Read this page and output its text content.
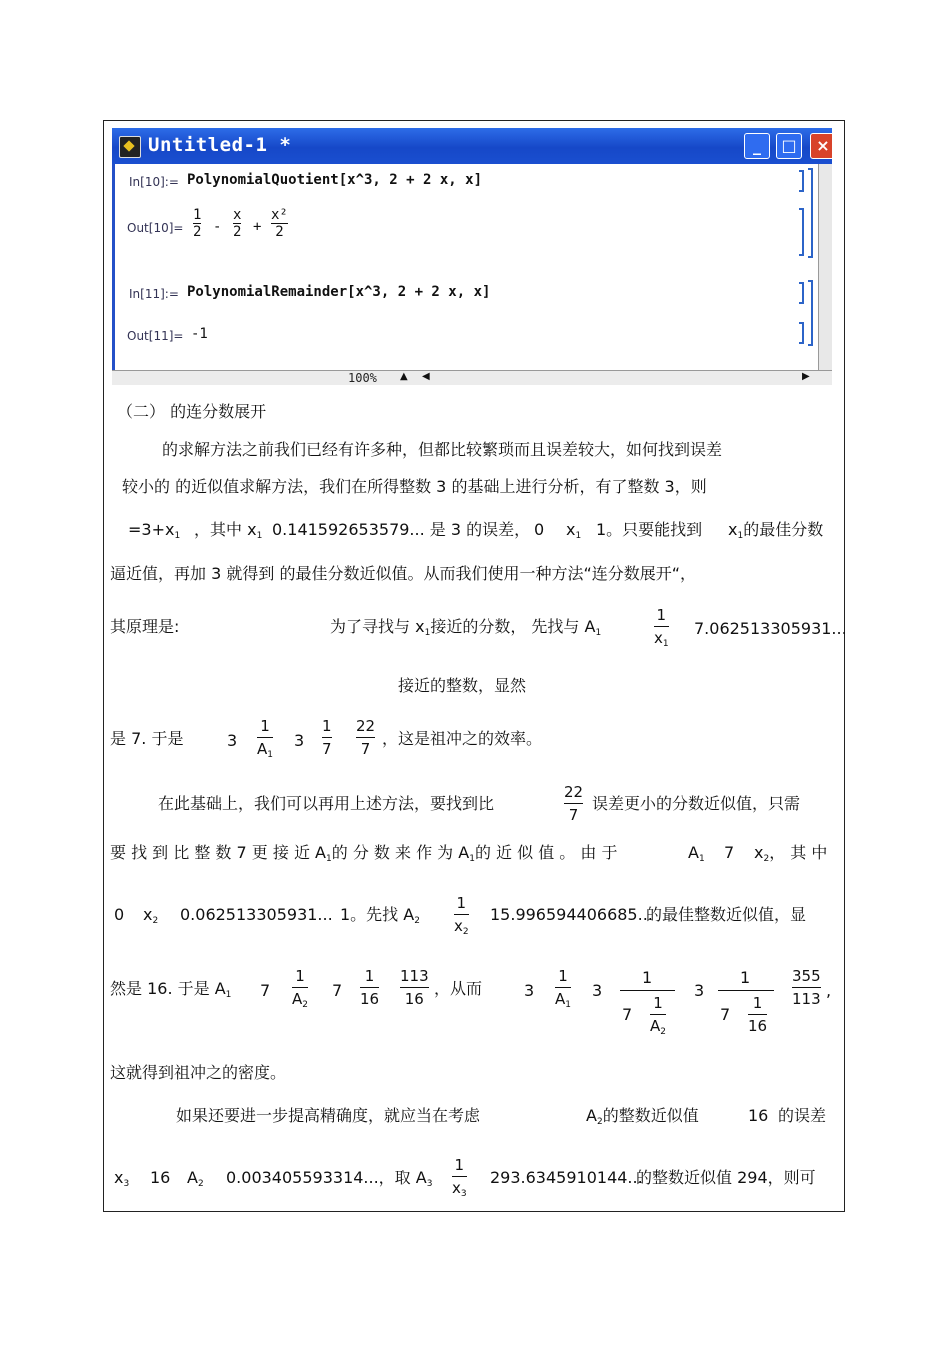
Untitled-1 *	_	□	×
In[10]:= PolynomialQuotient[x^3, 2 + 2 x, x]
Out[10]=
1
2 -
x
2 +
x²
2
In[11]:= PolynomialRemainder[x^3, 2 + 2 x, x]
Out[11]= -1
100% ▲ ◀	▶
（二） 的连分数展开
的求解方法之前我们已经有许多种，但都比较繁琐而且误差较大，如何找到误差
较小的 的近似值求解方法，我们在所得整数 3 的基础上进行分析，有了整数 3，则
$=3+x_1$ ，其中 $x_1$ 0.141592653579... 是 3 的误差， 0 $x_1$ 1。只要能找到 $x_1$的最佳分数
逼近值，再加 3 就得到 的最佳分数近似值。从而我们使用一种方法“连分数展开“，
其原理是:	为了寻找与 $x_1$接近的分数， 先找与 $A_1$
1
$x_1$
7.062513305931...
接近的整数，显然
是 7. 于是	3
1
$A_1$
3
1
7
22
7
，这是祖冲之的效率。
在此基础上，我们可以再用上述方法，要找到比
22
7
误差更小的分数近似值，只需
要 找 到 比 整 数 7 更 接 近 $A_1$的 分 数 来 作 为 $A_1$的 近 似 值 。 由 于	$A_1$ 7 $x_2$， 其 中
0 $x_2$ 0.062513305931... 1。先找 $A_2$
1
$x_2$
15.996594406685...
的最佳整数近似值，显
然是 16. 于是 $A_1$ 7
1
$A_2$
7
1
16
113
16
，从而	3
1
$A_1$
3
1
7
1
$A_2$
3
1
7
1
16
355
113 ,
这就得到祖冲之的密度。
如果还要进一步提高精确度，就应当在考虑	$A_2$的整数近似值	16 的误差
$x_3$ 16 $A_2$ 0.003405593314...，取 $A_3$
1
$x_3$
293.6345910144...
的整数近似值 294，则可
